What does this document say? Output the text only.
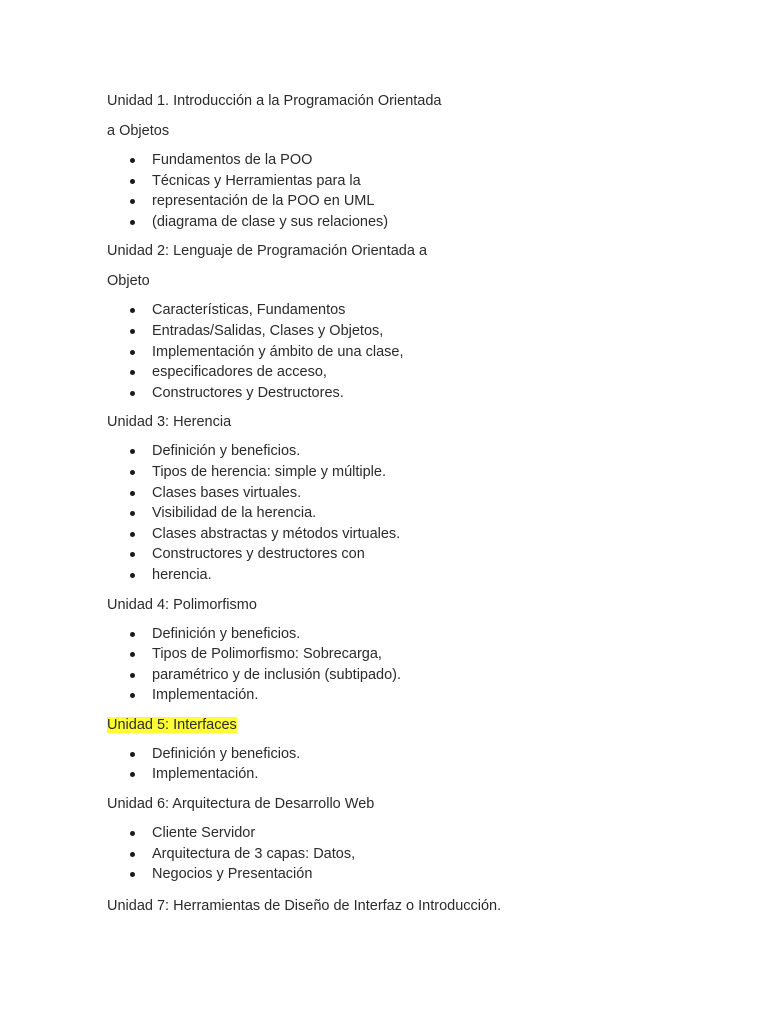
Unidad 1. Introducción a la Programación Orientada
a Objetos
Fundamentos de la POO
Técnicas y Herramientas para la
representación de la POO en UML
(diagrama de clase y sus relaciones)
Unidad 2: Lenguaje de Programación Orientada a
Objeto
Características, Fundamentos
Entradas/Salidas, Clases y Objetos,
Implementación y ámbito de una clase,
especificadores de acceso,
Constructores y Destructores.
Unidad 3: Herencia
Definición y beneficios.
Tipos de herencia: simple y múltiple.
Clases bases virtuales.
Visibilidad de la herencia.
Clases abstractas y métodos virtuales.
Constructores y destructores con
herencia.
Unidad 4: Polimorfismo
Definición y beneficios.
Tipos de Polimorfismo: Sobrecarga,
paramétrico y de inclusión (subtipado).
Implementación.
Unidad 5: Interfaces
Definición y beneficios.
Implementación.
Unidad 6: Arquitectura de Desarrollo Web
Cliente Servidor
Arquitectura de 3 capas: Datos,
Negocios y Presentación
Unidad 7: Herramientas de Diseño de Interfaz o Introducción.
